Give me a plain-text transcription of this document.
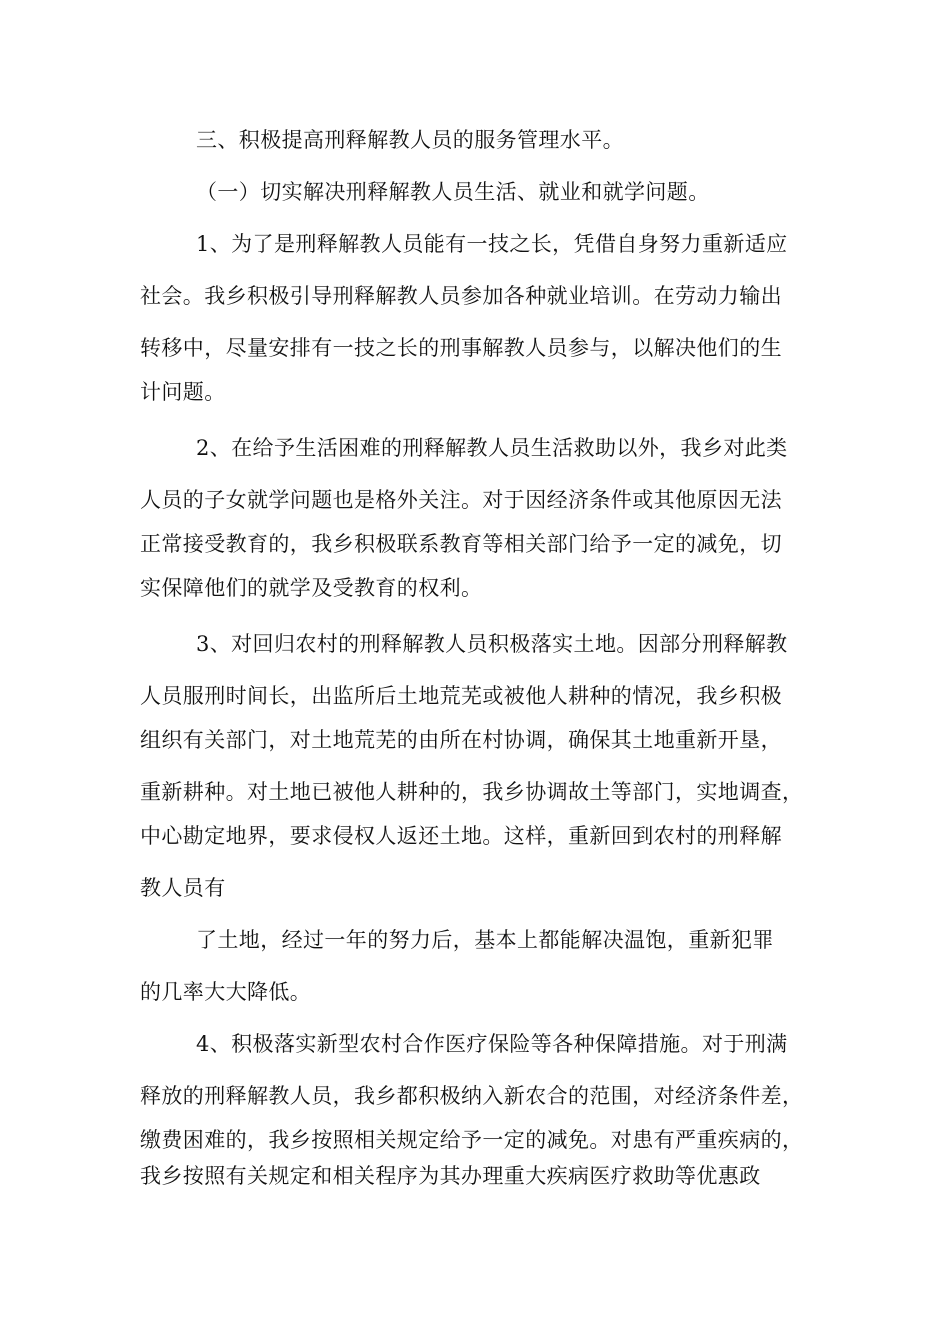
三、积极提高刑释解教人员的服务管理水平。
（一）切实解决刑释解教人员生活、就业和就学问题。
1、为了是刑释解教人员能有一技之长，凭借自身努力重新适应
社会。我乡积极引导刑释解教人员参加各种就业培训。在劳动力输出
转移中，尽量安排有一技之长的刑事解教人员参与，以解决他们的生
计问题。
2、在给予生活困难的刑释解教人员生活救助以外，我乡对此类
人员的子女就学问题也是格外关注。对于因经济条件或其他原因无法
正常接受教育的，我乡积极联系教育等相关部门给予一定的减免，切
实保障他们的就学及受教育的权利。
3、对回归农村的刑释解教人员积极落实土地。因部分刑释解教
人员服刑时间长，出监所后土地荒芜或被他人耕种的情况，我乡积极
组织有关部门，对土地荒芜的由所在村协调，确保其土地重新开垦，
重新耕种。对土地已被他人耕种的，我乡协调故土等部门，实地调查，
中心勘定地界，要求侵权人返还土地。这样，重新回到农村的刑释解
教人员有
了土地，经过一年的努力后，基本上都能解决温饱，重新犯罪
的几率大大降低。
4、积极落实新型农村合作医疗保险等各种保障措施。对于刑满
释放的刑释解教人员，我乡都积极纳入新农合的范围，对经济条件差，
缴费困难的，我乡按照相关规定给予一定的减免。对患有严重疾病的，
我乡按照有关规定和相关程序为其办理重大疾病医疗救助等优惠政
